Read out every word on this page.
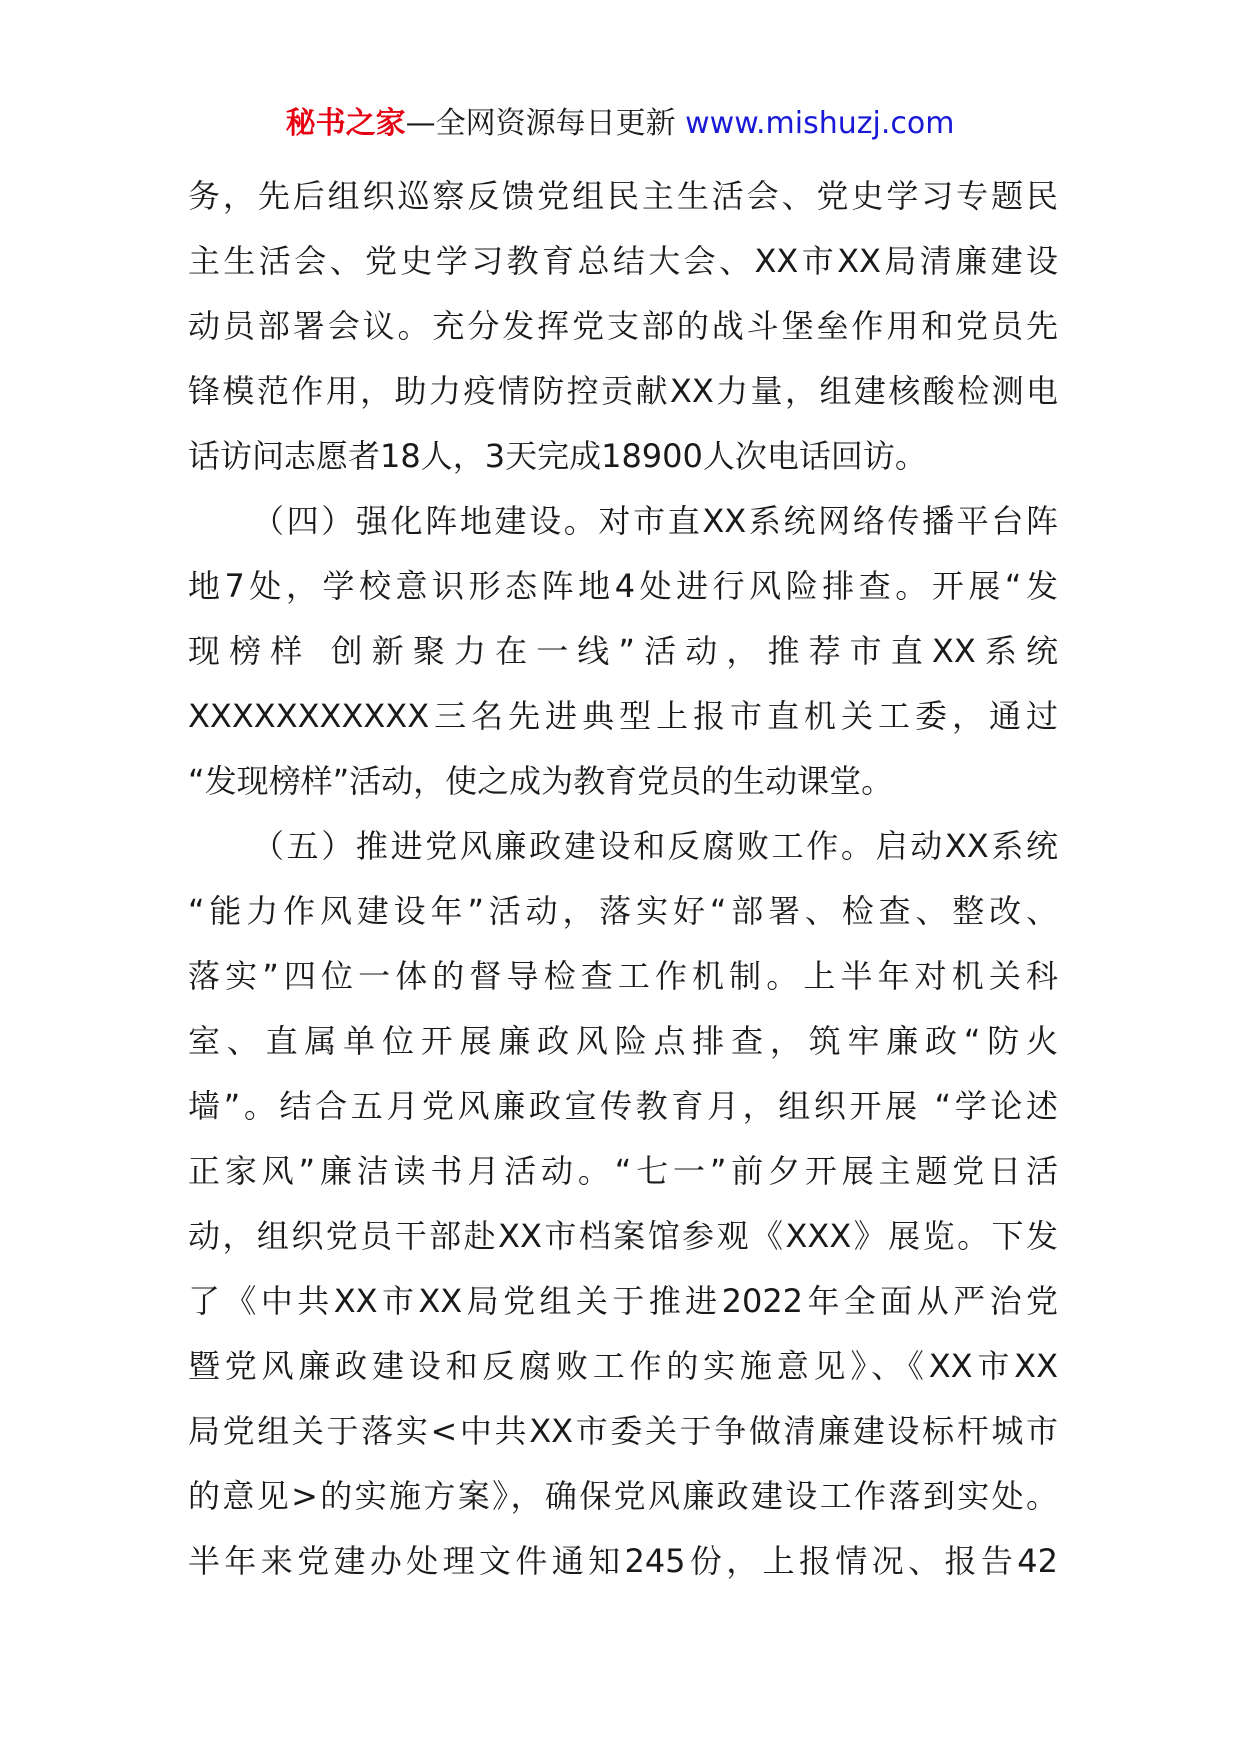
秘书之家—全网资源每日更新 www.mishuzj.com
务，先后组织巡察反馈党组民主生活会、党史学习专题民
主生活会、党史学习教育总结大会、XX市XX局清廉建设
动员部署会议。充分发挥党支部的战斗堡垒作用和党员先
锋模范作用，助力疫情防控贡献XX力量，组建核酸检测电
话访问志愿者18人，3天完成18900人次电话回访。
（四）强化阵地建设。对市直XX系统网络传播平台阵
地7处，学校意识形态阵地4处进行风险排查。开展“发
现榜样 创新聚力在一线”活动，推荐市直XX系统
XXXXXXXXXXX三名先进典型上报市直机关工委，通过
“发现榜样”活动，使之成为教育党员的生动课堂。
（五）推进党风廉政建设和反腐败工作。启动XX系统
“能力作风建设年”活动，落实好“部署、检查、整改、
落实”四位一体的督导检查工作机制。上半年对机关科
室、直属单位开展廉政风险点排查，筑牢廉政“防火
墙”。结合五月党风廉政宣传教育月，组织开展 “学论述
正家风”廉洁读书月活动。“七一”前夕开展主题党日活
动，组织党员干部赴XX市档案馆参观《XXX》展览。下发
了《中共XX市XX局党组关于推进2022年全面从严治党
暨党风廉政建设和反腐败工作的实施意见》、《XX市XX
局党组关于落实<中共XX市委关于争做清廉建设标杆城市
的意见>的实施方案》，确保党风廉政建设工作落到实处。
半年来党建办处理文件通知245份，上报情况、报告42
